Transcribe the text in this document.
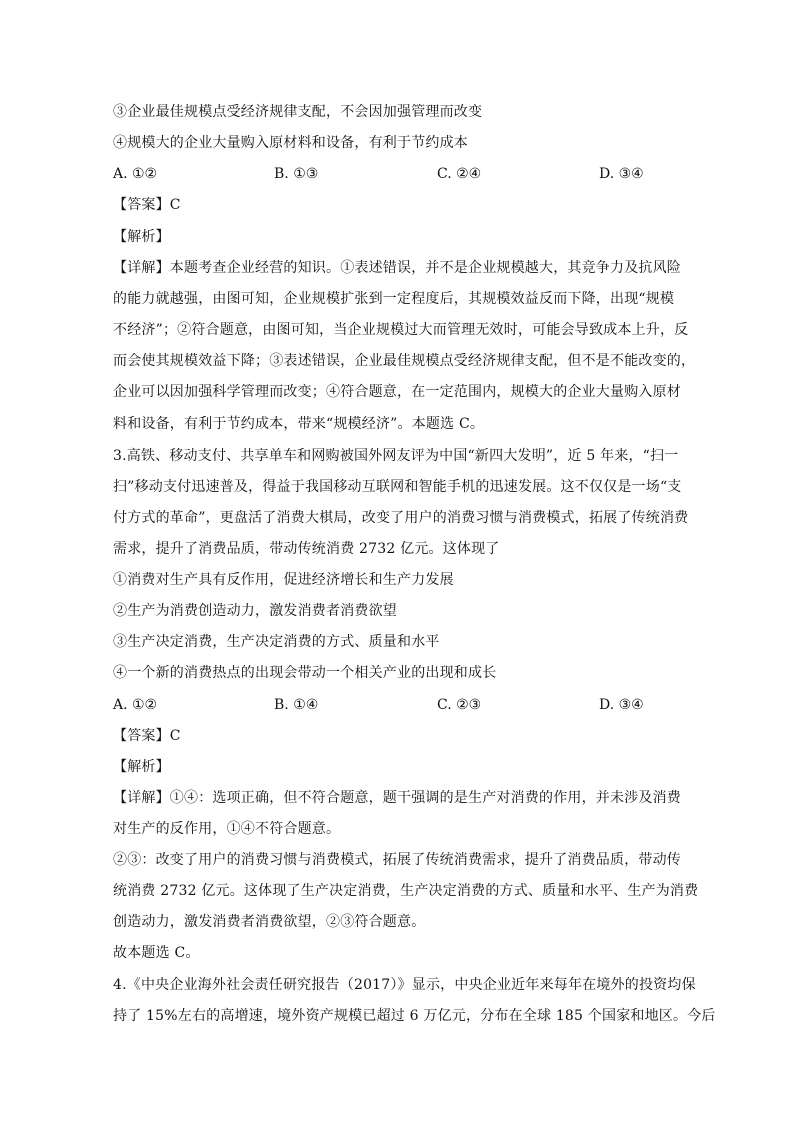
③企业最佳规模点受经济规律支配，不会因加强管理而改变
④规模大的企业大量购入原材料和设备，有利于节约成本
A. ①②	B. ①③	C. ②④	D. ③④
【答案】C
【解析】
【详解】本题考查企业经营的知识。①表述错误，并不是企业规模越大，其竞争力及抗风险
的能力就越强，由图可知，企业规模扩张到一定程度后，其规模效益反而下降，出现“规模
不经济”；②符合题意，由图可知，当企业规模过大而管理无效时，可能会导致成本上升，反
而会使其规模效益下降；③表述错误，企业最佳规模点受经济规律支配，但不是不能改变的，
企业可以因加强科学管理而改变；④符合题意，在一定范围内，规模大的企业大量购入原材
料和设备，有利于节约成本，带来“规模经济”。本题选 C。
3.高铁、移动支付、共享单车和网购被国外网友评为中国“新四大发明”，近 5 年来，“扫一
扫”移动支付迅速普及，得益于我国移动互联网和智能手机的迅速发展。这不仅仅是一场“支
付方式的革命”，更盘活了消费大棋局，改变了用户的消费习惯与消费模式，拓展了传统消费
需求，提升了消费品质，带动传统消费 2732 亿元。这体现了
①消费对生产具有反作用，促进经济增长和生产力发展
②生产为消费创造动力，激发消费者消费欲望
③生产决定消费，生产决定消费的方式、质量和水平
④一个新的消费热点的出现会带动一个相关产业的出现和成长
A. ①②	B. ①④	C. ②③	D. ③④
【答案】C
【解析】
【详解】①④：选项正确，但不符合题意，题干强调的是生产对消费的作用，并未涉及消费
对生产的反作用，①④不符合题意。
②③：改变了用户的消费习惯与消费模式，拓展了传统消费需求，提升了消费品质，带动传
统消费 2732 亿元。这体现了生产决定消费，生产决定消费的方式、质量和水平、生产为消费
创造动力，激发消费者消费欲望，②③符合题意。
故本题选 C。
4.《中央企业海外社会责任研究报告（2017）》显示，中央企业近年来每年在境外的投资均保
持了 15%左右的高增速，境外资产规模已超过 6 万亿元，分布在全球 185 个国家和地区。今后
